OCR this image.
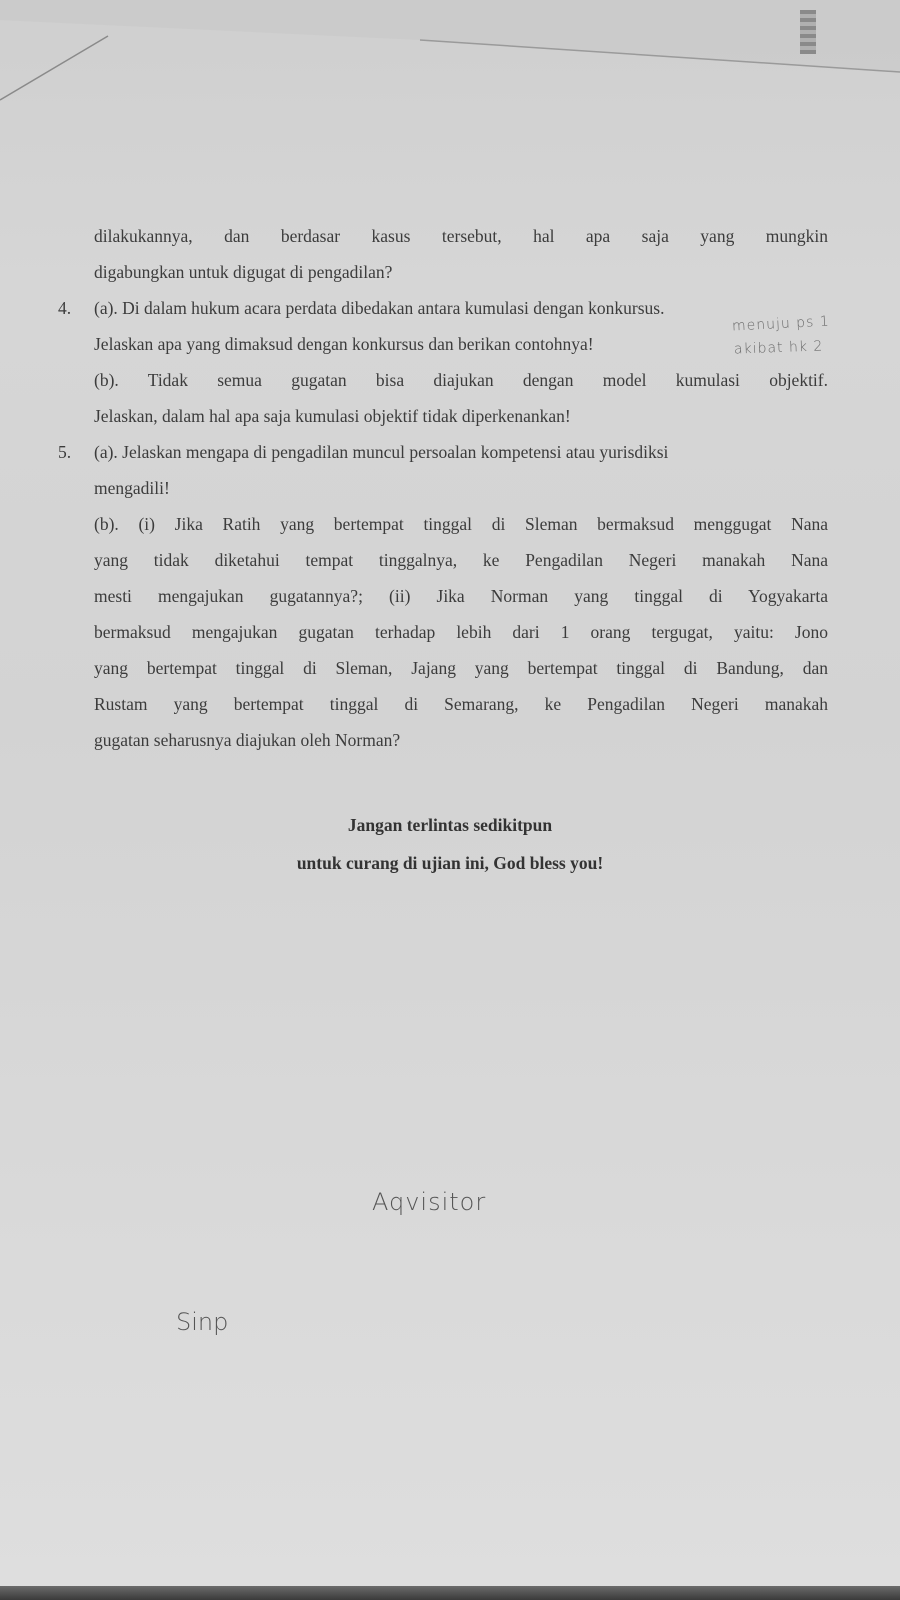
dilakukannya, dan berdasar kasus tersebut, hal apa saja yang mungkin
digabungkan untuk digugat di pengadilan?
4. (a). Di dalam hukum acara perdata dibedakan antara kumulasi dengan konkursus.
Jelaskan apa yang dimaksud dengan konkursus dan berikan contohnya!
(b). Tidak semua gugatan bisa diajukan dengan model kumulasi objektif.
Jelaskan, dalam hal apa saja kumulasi objektif tidak diperkenankan!
5. (a). Jelaskan mengapa di pengadilan muncul persoalan kompetensi atau yurisdiksi
mengadili!
(b). (i) Jika Ratih yang bertempat tinggal di Sleman bermaksud menggugat Nana
yang tidak diketahui tempat tinggalnya, ke Pengadilan Negeri manakah Nana
mesti mengajukan gugatannya?; (ii) Jika Norman yang tinggal di Yogyakarta
bermaksud mengajukan gugatan terhadap lebih dari 1 orang tergugat, yaitu: Jono
yang bertempat tinggal di Sleman, Jajang yang bertempat tinggal di Bandung, dan
Rustam yang bertempat tinggal di Semarang, ke Pengadilan Negeri manakah
gugatan seharusnya diajukan oleh Norman?
Jangan terlintas sedikitpun
untuk curang di ujian ini, God bless you!
menuju ps 1
akibat hk 2
Aqvisitor
Sinp
